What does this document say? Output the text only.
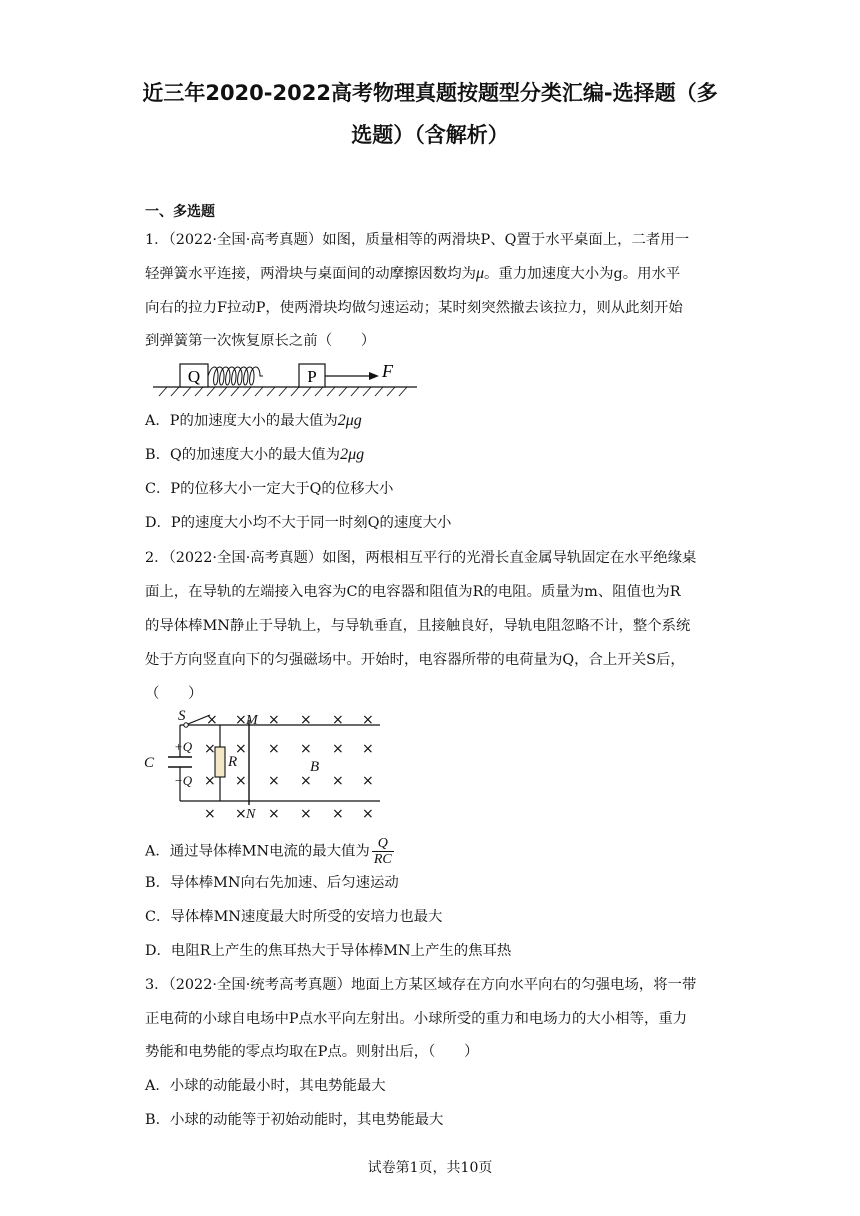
近三年2020-2022高考物理真题按题型分类汇编-选择题（多
选题）（含解析）
一、多选题
1．（2022·全国·高考真题）如图，质量相等的两滑块P、Q置于水平桌面上，二者用一
轻弹簧水平连接，两滑块与桌面间的动摩擦因数均为μ。重力加速度大小为g。用水平
向右的拉力F拉动P，使两滑块均做匀速运动；某时刻突然撤去该拉力，则从此刻开始
到弹簧第一次恢复原长之前（　　）
Q	P	F
A．P的加速度大小的最大值为2μg
B．Q的加速度大小的最大值为2μg
C．P的位移大小一定大于Q的位移大小
D．P的速度大小均不大于同一时刻Q的速度大小
2．（2022·全国·高考真题）如图，两根相互平行的光滑长直金属导轨固定在水平绝缘桌
面上，在导轨的左端接入电容为C的电容器和阻值为R的电阻。质量为m、阻值也为R
的导体棒MN静止于导轨上，与导轨垂直，且接触良好，导轨电阻忽略不计，整个系统
处于方向竖直向下的匀强磁场中。开始时，电容器所带的电荷量为Q，合上开关S后，
（　　）
C
+Q
−Q
S
R
M
N
B
× × × × × ×
× × × × × ×
× × × × × ×
× × × × × ×
A．通过导体棒MN电流的最大值为 $\frac{Q}{RC}$
B．导体棒MN向右先加速、后匀速运动
C．导体棒MN速度最大时所受的安培力也最大
D．电阻R上产生的焦耳热大于导体棒MN上产生的焦耳热
3．（2022·全国·统考高考真题）地面上方某区域存在方向水平向右的匀强电场，将一带
正电荷的小球自电场中P点水平向左射出。小球所受的重力和电场力的大小相等，重力
势能和电势能的零点均取在P点。则射出后，（　　）
A．小球的动能最小时，其电势能最大
B．小球的动能等于初始动能时，其电势能最大
试卷第1页，共10页
